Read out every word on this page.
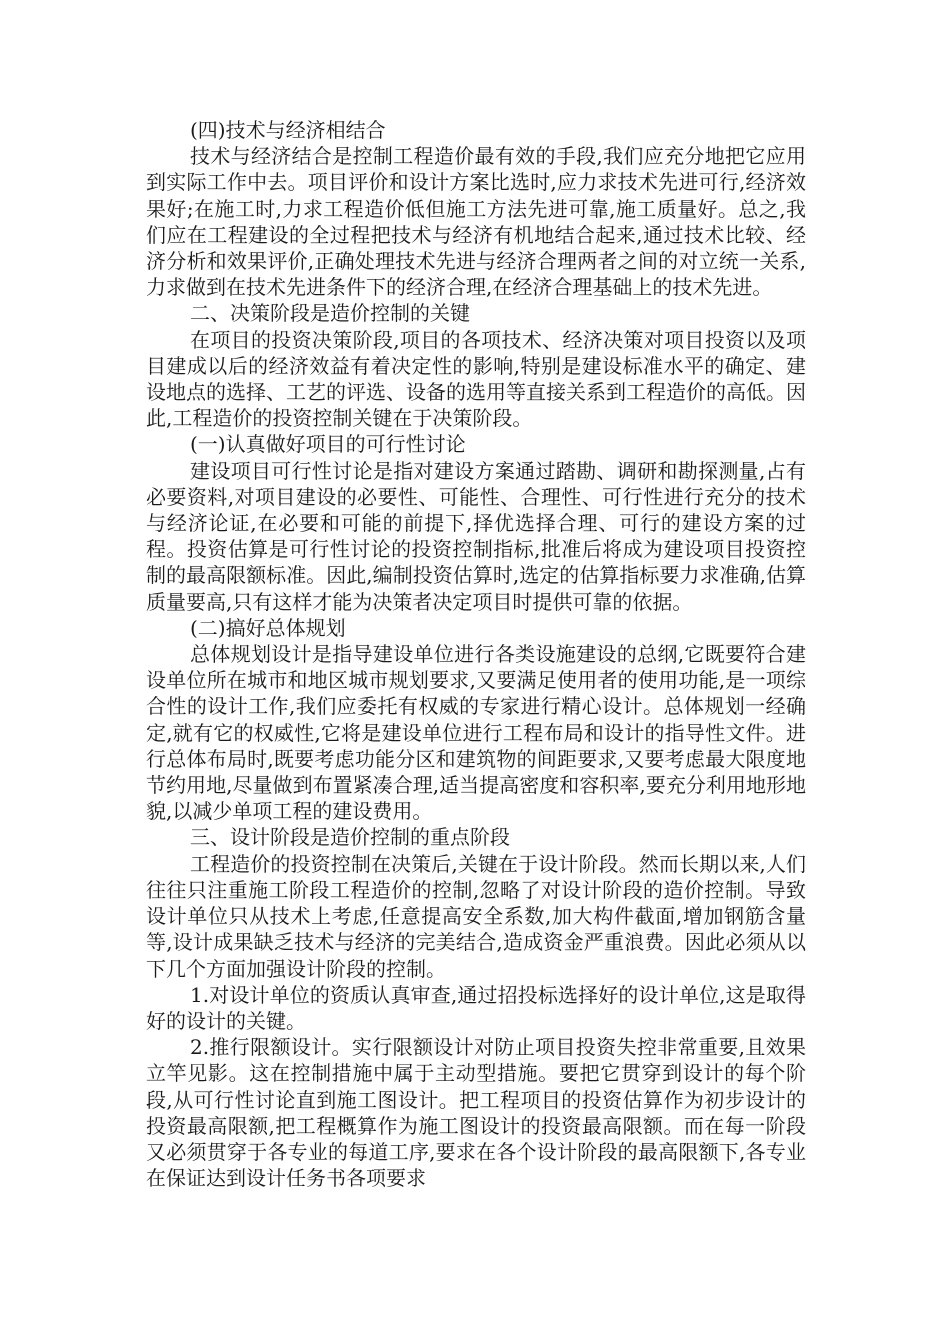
(四)技术与经济相结合

技术与经济结合是控制工程造价最有效的手段,我们应充分地把它应用到实际工作中去。项目评价和设计方案比选时,应力求技术先进可行,经济效果好;在施工时,力求工程造价低但施工方法先进可靠,施工质量好。总之,我们应在工程建设的全过程把技术与经济有机地结合起来,通过技术比较、经济分析和效果评价,正确处理技术先进与经济合理两者之间的对立统一关系,力求做到在技术先进条件下的经济合理,在经济合理基础上的技术先进。

二、决策阶段是造价控制的关键

在项目的投资决策阶段,项目的各项技术、经济决策对项目投资以及项目建成以后的经济效益有着决定性的影响,特别是建设标准水平的确定、建设地点的选择、工艺的评选、设备的选用等直接关系到工程造价的高低。因此,工程造价的投资控制关键在于决策阶段。

(一)认真做好项目的可行性讨论

建设项目可行性讨论是指对建设方案通过踏勘、调研和勘探测量,占有必要资料,对项目建设的必要性、可能性、合理性、可行性进行充分的技术与经济论证,在必要和可能的前提下,择优选择合理、可行的建设方案的过程。投资估算是可行性讨论的投资控制指标,批准后将成为建设项目投资控制的最高限额标准。因此,编制投资估算时,选定的估算指标要力求准确,估算质量要高,只有这样才能为决策者决定项目时提供可靠的依据。

(二)搞好总体规划

总体规划设计是指导建设单位进行各类设施建设的总纲,它既要符合建设单位所在城市和地区城市规划要求,又要满足使用者的使用功能,是一项综合性的设计工作,我们应委托有权威的专家进行精心设计。总体规划一经确定,就有它的权威性,它将是建设单位进行工程布局和设计的指导性文件。进行总体布局时,既要考虑功能分区和建筑物的间距要求,又要考虑最大限度地节约用地,尽量做到布置紧凑合理,适当提高密度和容积率,要充分利用地形地貌,以减少单项工程的建设费用。

三、设计阶段是造价控制的重点阶段

工程造价的投资控制在决策后,关键在于设计阶段。然而长期以来,人们往往只注重施工阶段工程造价的控制,忽略了对设计阶段的造价控制。导致设计单位只从技术上考虑,任意提高安全系数,加大构件截面,增加钢筋含量等,设计成果缺乏技术与经济的完美结合,造成资金严重浪费。因此必须从以下几个方面加强设计阶段的控制。

1.对设计单位的资质认真审查,通过招投标选择好的设计单位,这是取得好的设计的关键。

2.推行限额设计。实行限额设计对防止项目投资失控非常重要,且效果立竿见影。这在控制措施中属于主动型措施。要把它贯穿到设计的每个阶段,从可行性讨论直到施工图设计。把工程项目的投资估算作为初步设计的投资最高限额,把工程概算作为施工图设计的投资最高限额。而在每一阶段又必须贯穿于各专业的每道工序,要求在各个设计阶段的最高限额下,各专业在保证达到设计任务书各项要求
